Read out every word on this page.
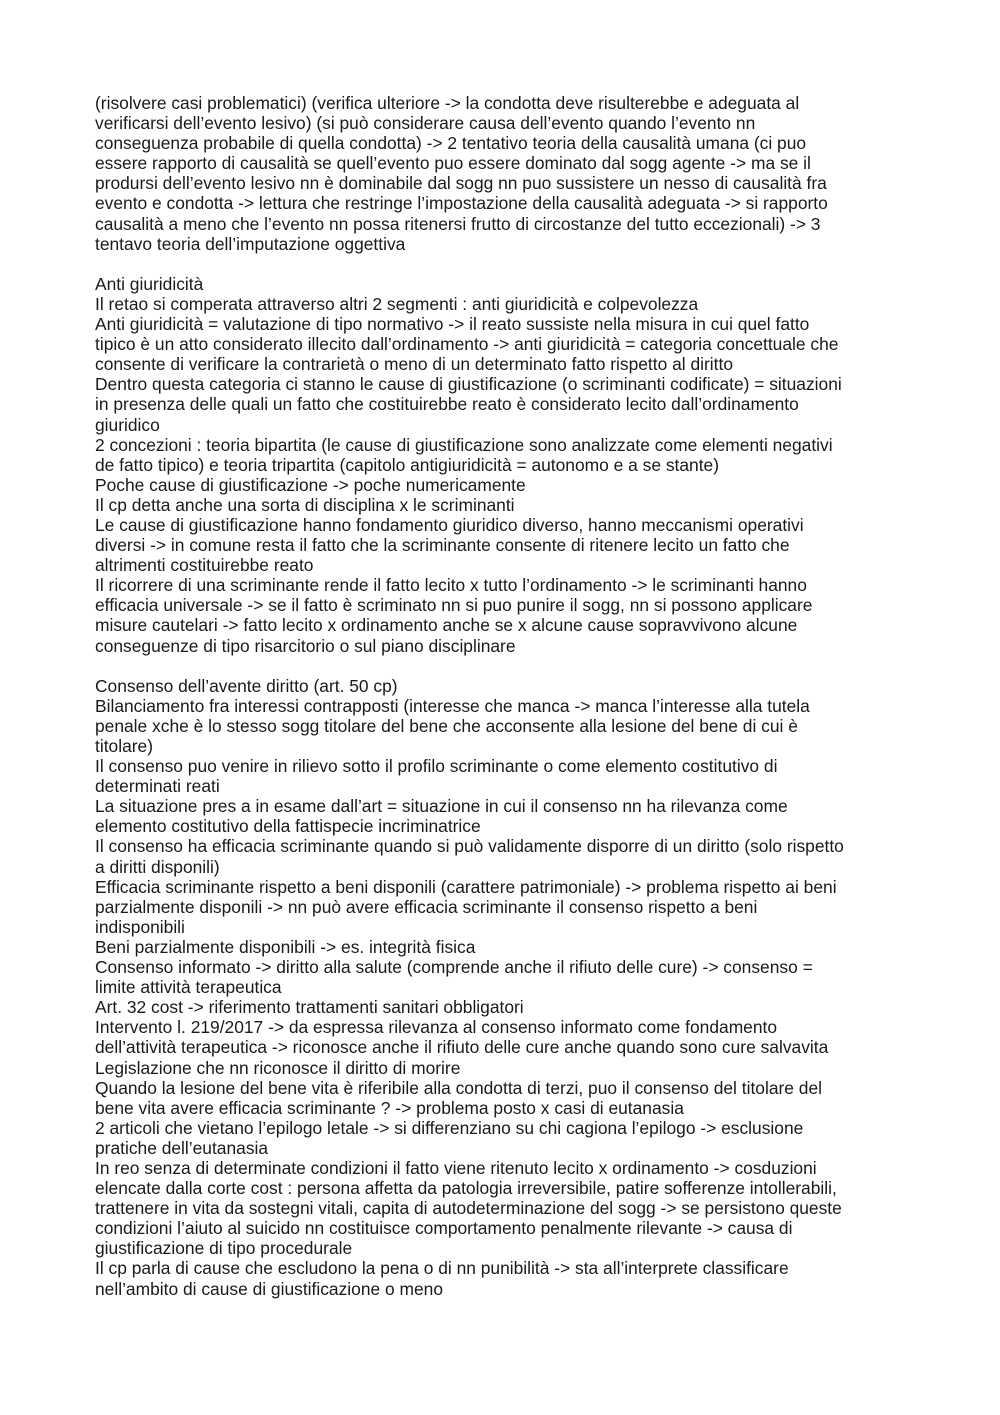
(risolvere casi problematici) (verifica ulteriore -> la condotta deve risulterebbe e adeguata al
verificarsi dell’evento lesivo) (si può considerare causa dell’evento quando l’evento nn
conseguenza probabile di quella condotta) -> 2 tentativo teoria della causalità umana (ci puo
essere rapporto di causalità se quell’evento puo essere dominato dal sogg agente -> ma se il
prodursi dell’evento lesivo nn è dominabile dal sogg nn puo sussistere un nesso di causalità fra
evento e condotta -> lettura che restringe l’impostazione della causalità adeguata -> si rapporto
causalità a meno che l’evento nn possa ritenersi frutto di circostanze del tutto eccezionali) -> 3
tentavo teoria dell’imputazione oggettiva
Anti giuridicità
Il retao si comperata attraverso altri 2 segmenti : anti giuridicità e colpevolezza
Anti giuridicità = valutazione di tipo normativo -> il reato sussiste nella misura in cui quel fatto
tipico è un atto considerato illecito dall’ordinamento -> anti giuridicità = categoria concettuale che
consente di verificare la contrarietà o meno di un determinato fatto rispetto al diritto
Dentro questa categoria ci stanno le cause di giustificazione (o scriminanti codificate) = situazioni
in presenza delle quali un fatto che costituirebbe reato è considerato lecito dall’ordinamento
giuridico
2 concezioni : teoria bipartita (le cause di giustificazione sono analizzate come elementi negativi
de fatto tipico) e teoria tripartita (capitolo antigiuridicità = autonomo e a se stante)
Poche cause di giustificazione -> poche numericamente
Il cp detta anche una sorta di disciplina x le scriminanti
Le cause di giustificazione hanno fondamento giuridico diverso, hanno meccanismi operativi
diversi -> in comune resta il fatto che la scriminante consente di ritenere lecito un fatto che
altrimenti costituirebbe reato
Il ricorrere di una scriminante rende il fatto lecito x tutto l’ordinamento -> le scriminanti hanno
efficacia universale -> se il fatto è scriminato nn si puo punire il sogg, nn si possono applicare
misure cautelari -> fatto lecito x ordinamento anche se x alcune cause sopravvivono alcune
conseguenze di tipo risarcitorio o sul piano disciplinare
Consenso dell’avente diritto (art. 50 cp)
Bilanciamento fra interessi contrapposti (interesse che manca -> manca l’interesse alla tutela
penale xche è lo stesso sogg titolare del bene che acconsente alla lesione del bene di cui è
titolare)
Il consenso puo venire in rilievo sotto il profilo scriminante o come elemento costitutivo di
determinati reati
La situazione pres a in esame dall’art = situazione in cui il consenso nn ha rilevanza come
elemento costitutivo della fattispecie incriminatrice
Il consenso ha efficacia scriminante quando si può validamente disporre di un diritto (solo rispetto
a diritti disponili)
Efficacia scriminante rispetto a beni disponili (carattere patrimoniale) -> problema rispetto ai beni
parzialmente disponili -> nn può avere efficacia scriminante il consenso rispetto a beni
indisponibili
Beni parzialmente disponibili -> es. integrità fisica
Consenso informato -> diritto alla salute (comprende anche il rifiuto delle cure) -> consenso =
limite attività terapeutica
Art. 32 cost -> riferimento trattamenti sanitari obbligatori
Intervento l. 219/2017 -> da espressa rilevanza al consenso informato come fondamento
dell’attività terapeutica -> riconosce anche il rifiuto delle cure anche quando sono cure salvavita
Legislazione che nn riconosce il diritto di morire
Quando la lesione del bene vita è riferibile alla condotta di terzi, puo il consenso del titolare del
bene vita avere efficacia scriminante ? -> problema posto x casi di eutanasia
2 articoli che vietano l’epilogo letale -> si differenziano su chi cagiona l’epilogo -> esclusione
pratiche dell’eutanasia
In reo senza di determinate condizioni il fatto viene ritenuto lecito x ordinamento -> cosduzioni
elencate dalla corte cost : persona affetta da patologia irreversibile, patire sofferenze intollerabili,
trattenere in vita da sostegni vitali, capita di autodeterminazione del sogg -> se persistono queste
condizioni l’aiuto al suicido nn costituisce comportamento penalmente rilevante -> causa di
giustificazione di tipo procedurale
Il cp parla di cause che escludono la pena o di nn punibilità -> sta all’interprete classificare
nell’ambito di cause di giustificazione o meno
